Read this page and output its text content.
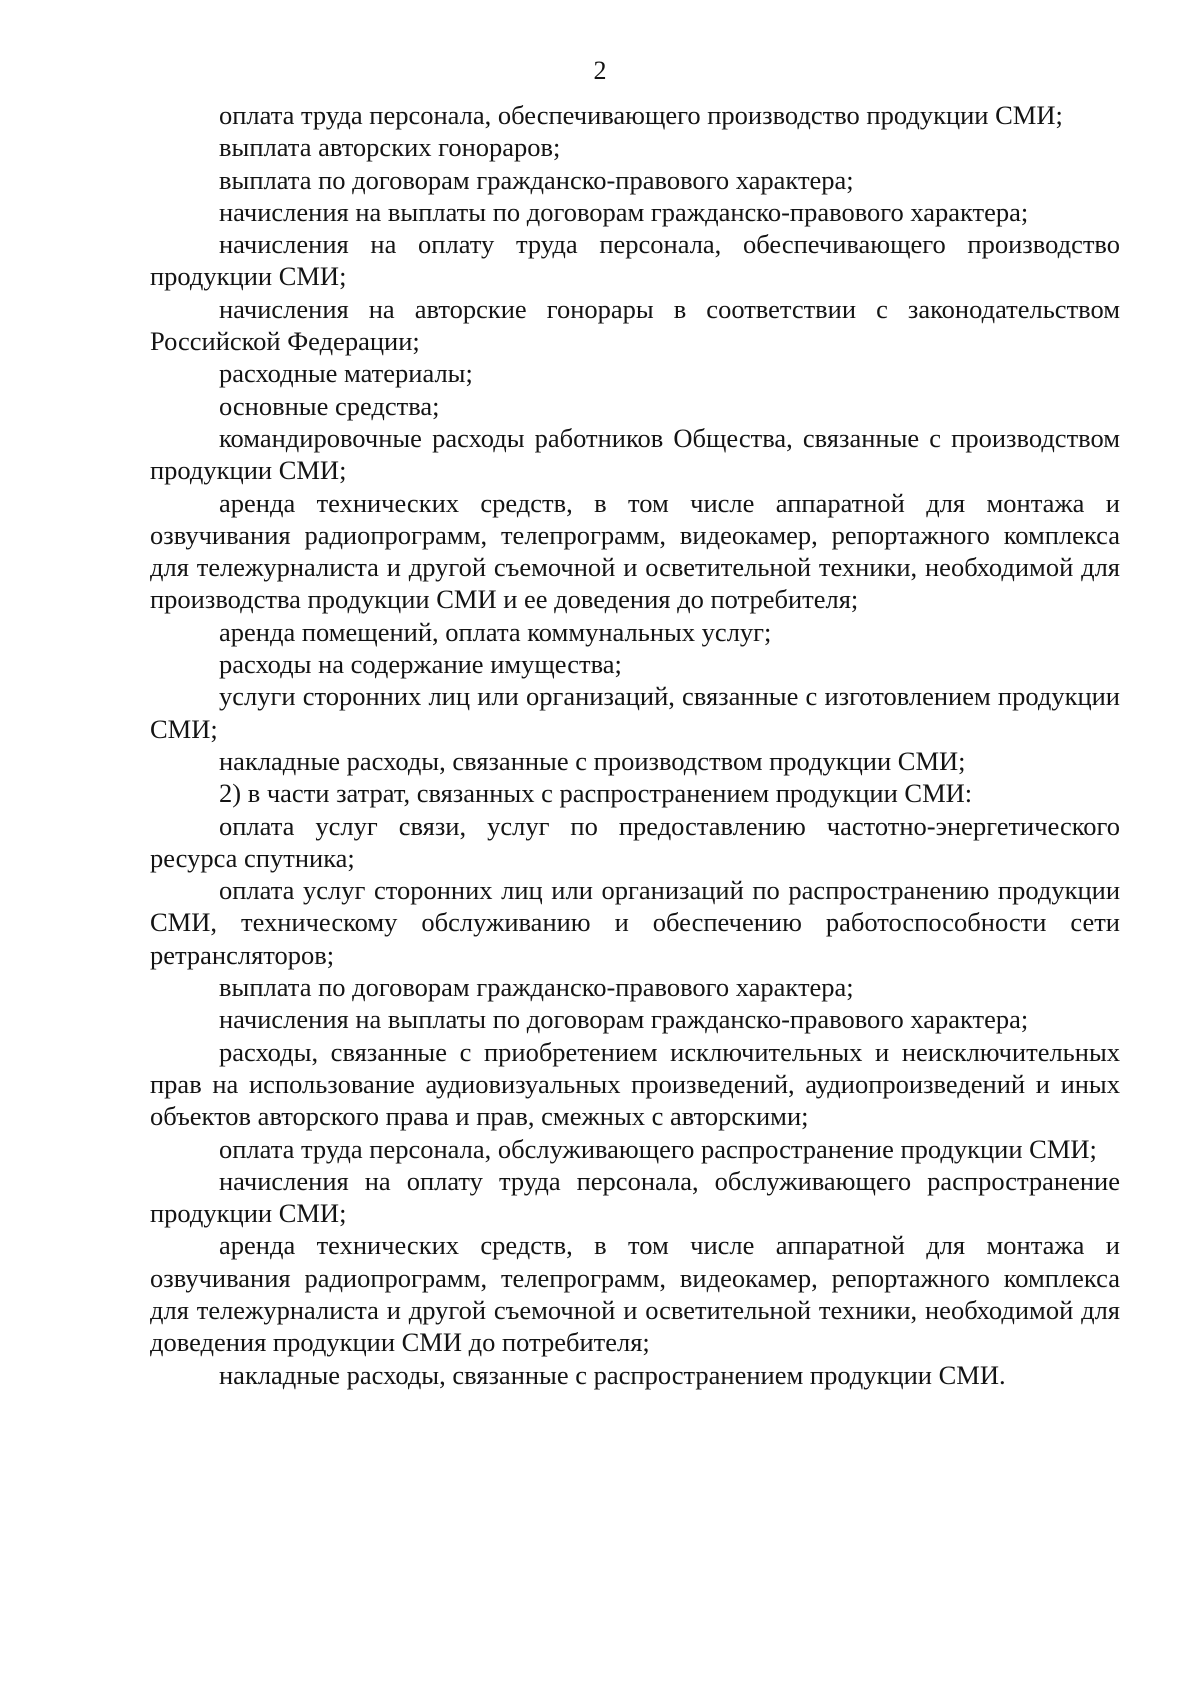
2

оплата труда персонала, обеспечивающего производство продукции СМИ;

выплата авторских гонораров;

выплата по договорам гражданско-правового характера;

начисления на выплаты по договорам гражданско-правового характера;

начисления на оплату труда персонала, обеспечивающего производство продукции СМИ;

начисления на авторские гонорары в соответствии с законодательством Российской Федерации;

расходные материалы;

основные средства;

командировочные расходы работников Общества, связанные с производством продукции СМИ;

аренда технических средств, в том числе аппаратной для монтажа и озвучивания радиопрограмм, телепрограмм, видеокамер, репортажного комплекса для тележурналиста и другой съемочной и осветительной техники, необходимой для производства продукции СМИ и ее доведения до потребителя;

аренда помещений, оплата коммунальных услуг;

расходы на содержание имущества;

услуги сторонних лиц или организаций, связанные с изготовлением продукции СМИ;

накладные расходы, связанные с производством продукции СМИ;

2) в части затрат, связанных с распространением продукции СМИ:

оплата услуг связи, услуг по предоставлению частотно-энергетического ресурса спутника;

оплата услуг сторонних лиц или организаций по распространению продукции СМИ, техническому обслуживанию и обеспечению работоспособности сети ретрансляторов;

выплата по договорам гражданско-правового характера;

начисления на выплаты по договорам гражданско-правового характера;

расходы, связанные с приобретением исключительных и неисключительных прав на использование аудиовизуальных произведений, аудиопроизведений и иных объектов авторского права и прав, смежных с авторскими;

оплата труда персонала, обслуживающего распространение продукции СМИ;

начисления на оплату труда персонала, обслуживающего распространение продукции СМИ;

аренда технических средств, в том числе аппаратной для монтажа и озвучивания радиопрограмм, телепрограмм, видеокамер, репортажного комплекса для тележурналиста и другой съемочной и осветительной техники, необходимой для доведения продукции СМИ до потребителя;

накладные расходы, связанные с распространением продукции СМИ.
